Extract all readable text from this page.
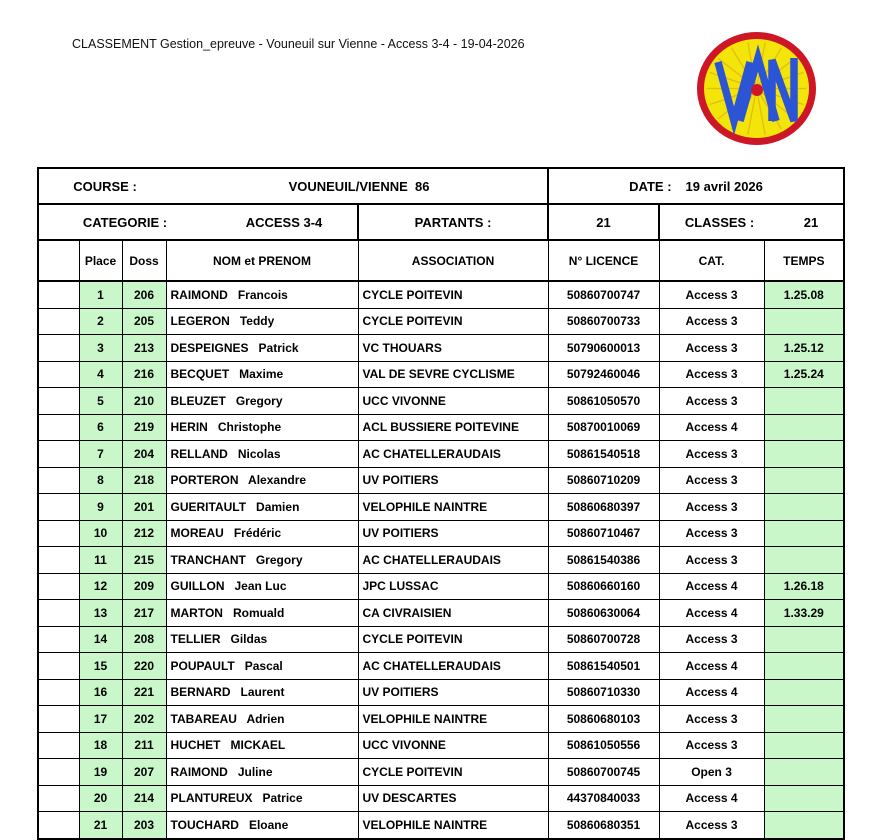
CLASSEMENT Gestion_epreuve - Vouneuil sur Vienne - Access 3-4 - 19-04-2026
COURSE : VOUNEUIL/VIENNE  86					DATE : 19 avril 2026		

CATEGORIE : ACCESS 3-4				PARTANTS :	21	CLASSES : 21	

	Place	Doss	NOM et PRENOM	ASSOCIATION	N° LICENCE	CAT.	TEMPS
	1	206	RAIMOND   Francois	CYCLE POITEVIN	50860700747	Access 3	1.25.08
	2	205	LEGERON   Teddy	CYCLE POITEVIN	50860700733	Access 3	
	3	213	DESPEIGNES   Patrick	VC THOUARS	50790600013	Access 3	1.25.12
	4	216	BECQUET   Maxime	VAL DE SEVRE CYCLISME	50792460046	Access 3	1.25.24
	5	210	BLEUZET   Gregory	UCC VIVONNE	50861050570	Access 3	
	6	219	HERIN   Christophe	ACL BUSSIERE POITEVINE	50870010069	Access 4	
	7	204	RELLAND   Nicolas	AC CHATELLERAUDAIS	50861540518	Access 3	
	8	218	PORTERON   Alexandre	UV POITIERS	50860710209	Access 3	
	9	201	GUERITAULT   Damien	VELOPHILE NAINTRE	50860680397	Access 3	
	10	212	MOREAU   Frédéric	UV POITIERS	50860710467	Access 3	
	11	215	TRANCHANT   Gregory	AC CHATELLERAUDAIS	50861540386	Access 3	
	12	209	GUILLON   Jean Luc	JPC LUSSAC	50860660160	Access 4	1.26.18
	13	217	MARTON   Romuald	CA CIVRAISIEN	50860630064	Access 4	1.33.29
	14	208	TELLIER   Gildas	CYCLE POITEVIN	50860700728	Access 3	
	15	220	POUPAULT   Pascal	AC CHATELLERAUDAIS	50861540501	Access 4	
	16	221	BERNARD   Laurent	UV POITIERS	50860710330	Access 4	
	17	202	TABAREAU   Adrien	VELOPHILE NAINTRE	50860680103	Access 3	
	18	211	HUCHET   MICKAEL	UCC VIVONNE	50861050556	Access 3	
	19	207	RAIMOND   Juline	CYCLE POITEVIN	50860700745	Open 3	
	20	214	PLANTUREUX   Patrice	UV DESCARTES	44370840033	Access 4	
	21	203	TOUCHARD   Eloane	VELOPHILE NAINTRE	50860680351	Access 3	
